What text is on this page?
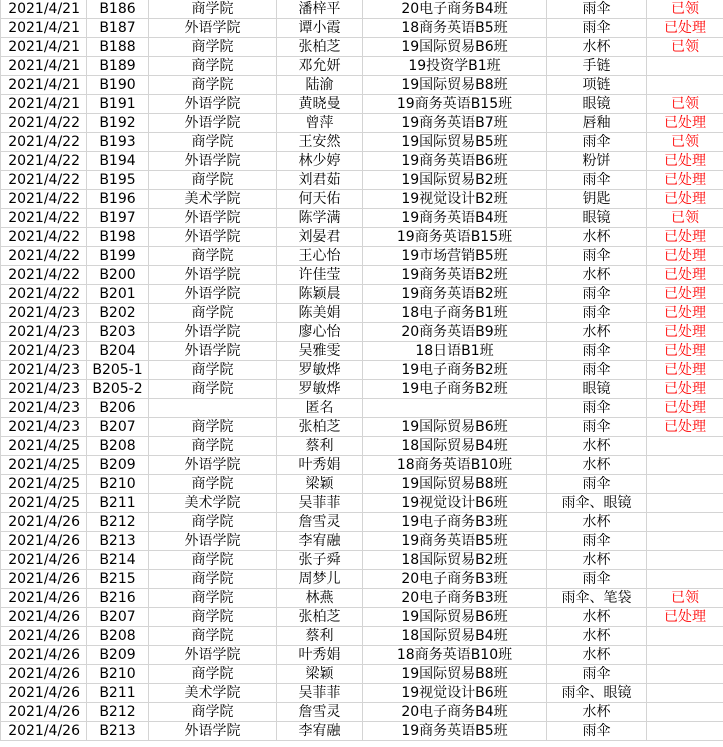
2021/4/21	B186	商学院	潘梓平	20电子商务B4班	雨伞	已领
2021/4/21	B187	外语学院	谭小霞	18商务英语B5班	雨伞	已处理
2021/4/21	B188	商学院	张柏芝	19国际贸易B6班	水杯	已领
2021/4/21	B189	商学院	邓允妍	19投资学B1班	手链	
2021/4/21	B190	商学院	陆渝	19国际贸易B8班	项链	
2021/4/21	B191	外语学院	黄晓曼	19商务英语B15班	眼镜	已领
2021/4/22	B192	外语学院	曾萍	19商务英语B7班	唇釉	已处理
2021/4/22	B193	商学院	王安然	19国际贸易B5班	雨伞	已领
2021/4/22	B194	外语学院	林少婷	19商务英语B6班	粉饼	已处理
2021/4/22	B195	商学院	刘君茹	19国际贸易B2班	雨伞	已处理
2021/4/22	B196	美术学院	何天佑	19视觉设计B2班	钥匙	已处理
2021/4/22	B197	外语学院	陈学满	19商务英语B4班	眼镜	已领
2021/4/22	B198	外语学院	刘晏君	19商务英语B15班	水杯	已处理
2021/4/22	B199	商学院	王心怡	19市场营销B5班	雨伞	已处理
2021/4/22	B200	外语学院	许佳莹	19商务英语B2班	水杯	已处理
2021/4/22	B201	外语学院	陈颖晨	19商务英语B2班	雨伞	已处理
2021/4/23	B202	商学院	陈美娟	18电子商务B1班	雨伞	已处理
2021/4/23	B203	外语学院	廖心怡	20商务英语B9班	水杯	已处理
2021/4/23	B204	外语学院	吴雅雯	18日语B1班	雨伞	已处理
2021/4/23	B205-1	商学院	罗敏烨	19电子商务B2班	雨伞	已处理
2021/4/23	B205-2	商学院	罗敏烨	19电子商务B2班	眼镜	已处理
2021/4/23	B206		匿名		雨伞	已处理
2021/4/23	B207	商学院	张柏芝	19国际贸易B6班	雨伞	已处理
2021/4/25	B208	商学院	蔡利	18国际贸易B4班	水杯	
2021/4/25	B209	外语学院	叶秀娟	18商务英语B10班	水杯	
2021/4/25	B210	商学院	梁颖	19国际贸易B8班	雨伞	
2021/4/25	B211	美术学院	吴菲菲	19视觉设计B6班	雨伞、眼镜	
2021/4/26	B212	商学院	詹雪灵	19电子商务B3班	水杯	
2021/4/26	B213	外语学院	李宥融	19商务英语B5班	雨伞	
2021/4/26	B214	商学院	张子舜	18国际贸易B2班	水杯	
2021/4/26	B215	商学院	周梦儿	20电子商务B3班	雨伞	
2021/4/26	B216	商学院	林燕	20电子商务B3班	雨伞、笔袋	已领
2021/4/26	B207	商学院	张柏芝	19国际贸易B6班	水杯	已处理
2021/4/26	B208	商学院	蔡利	18国际贸易B4班	水杯	
2021/4/26	B209	外语学院	叶秀娟	18商务英语B10班	水杯	
2021/4/26	B210	商学院	梁颖	19国际贸易B8班	雨伞	
2021/4/26	B211	美术学院	吴菲菲	19视觉设计B6班	雨伞、眼镜	
2021/4/26	B212	商学院	詹雪灵	20电子商务B4班	水杯	
2021/4/26	B213	外语学院	李宥融	19商务英语B5班	雨伞	
